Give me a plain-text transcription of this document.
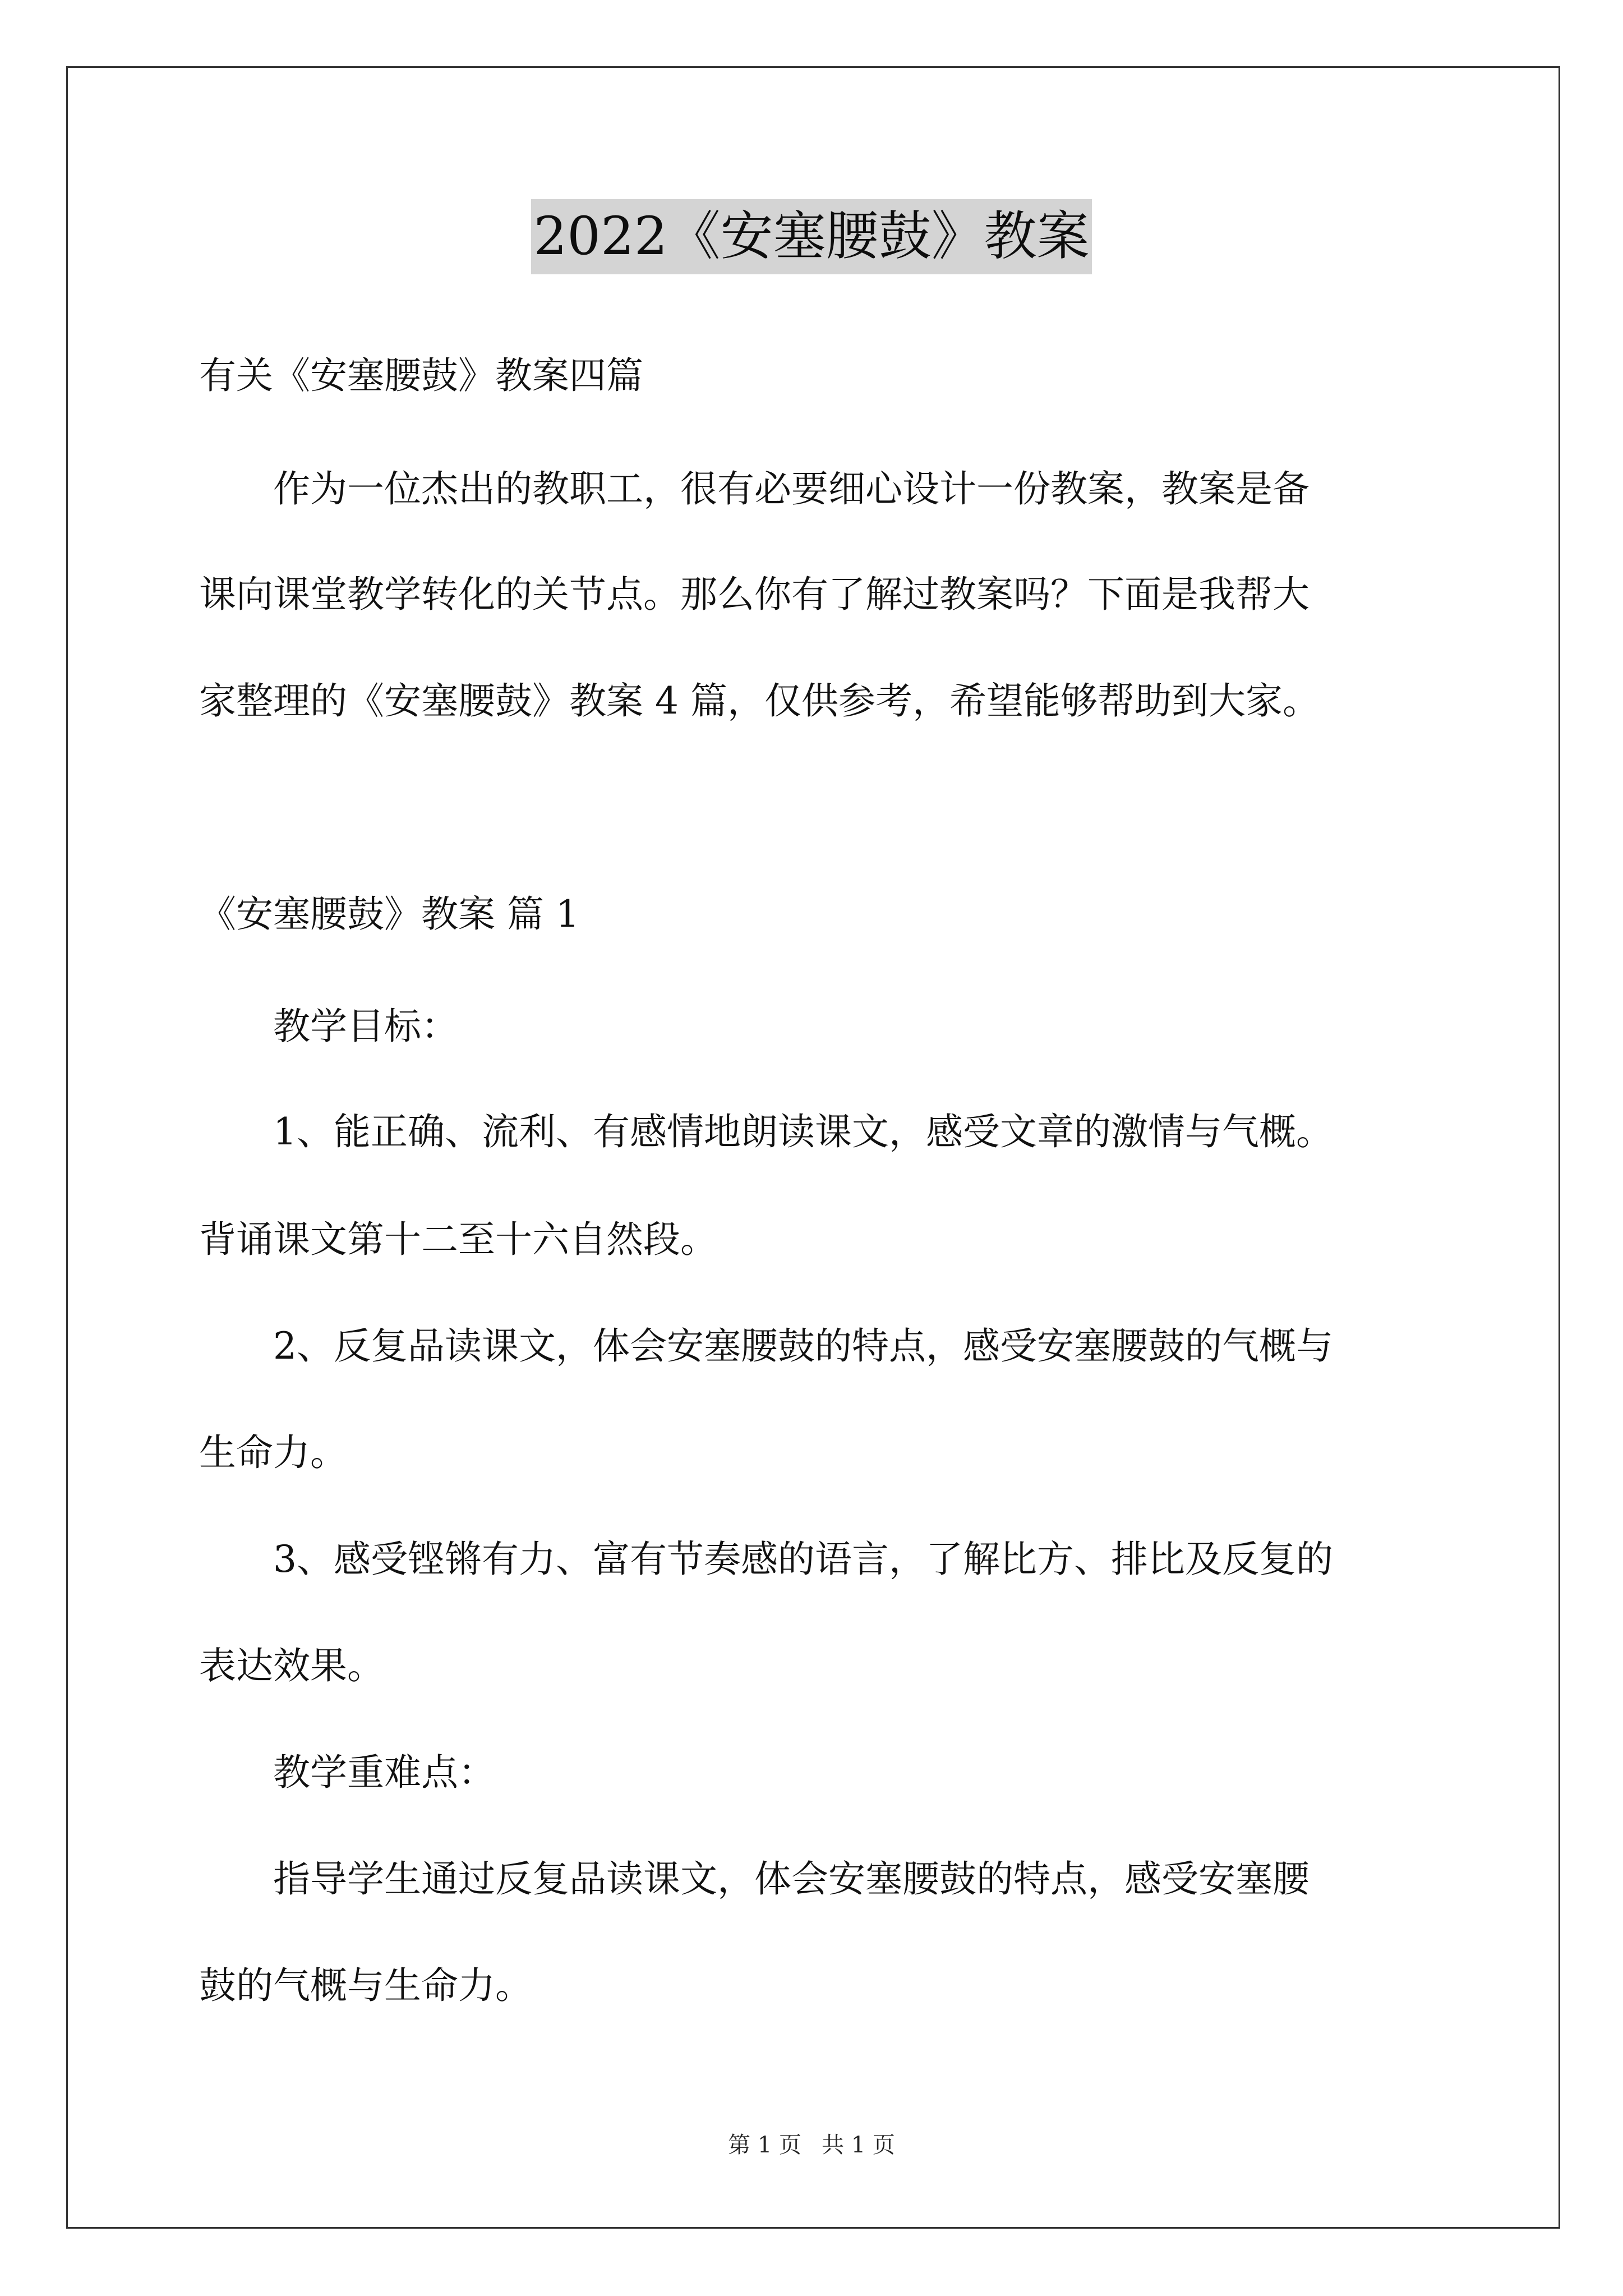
2022《安塞腰鼓》教案
有关《安塞腰鼓》教案四篇
　　作为一位杰出的教职工，很有必要细心设计一份教案，教案是备
课向课堂教学转化的关节点。那么你有了解过教案吗？下面是我帮大
家整理的《安塞腰鼓》教案 4 篇，仅供参考，希望能够帮助到大家。
《安塞腰鼓》教案 篇 1
　　教学目标：
　　1、能正确、流利、有感情地朗读课文，感受文章的激情与气概。
背诵课文第十二至十六自然段。
　　2、反复品读课文，体会安塞腰鼓的特点，感受安塞腰鼓的气概与
生命力。
　　3、感受铿锵有力、富有节奏感的语言，了解比方、排比及反复的
表达效果。
　　教学重难点：
　　指导学生通过反复品读课文，体会安塞腰鼓的特点，感受安塞腰
鼓的气概与生命力。
第 1 页 共 1 页
